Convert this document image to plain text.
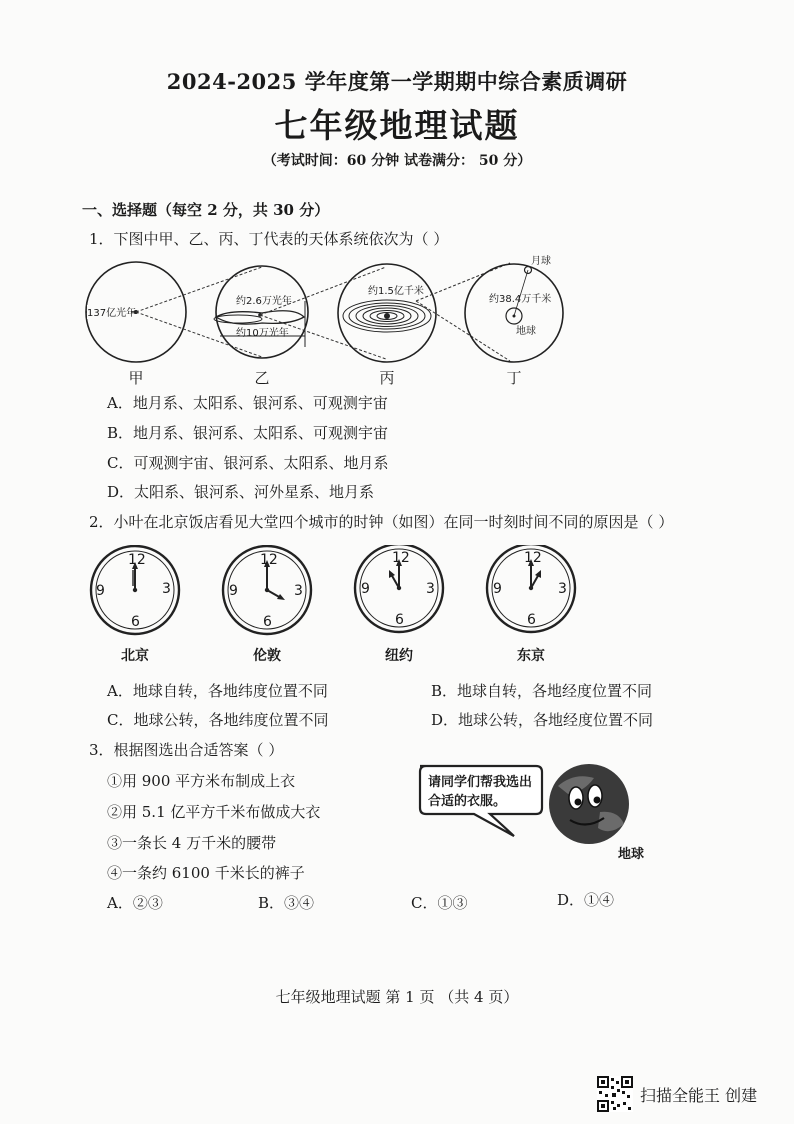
2024-2025 学年度第一学期期中综合素质调研
七年级地理试题
（考试时间：60 分钟 试卷满分： 50 分）
一、选择题（每空 2 分，共 30 分）
1．下图中甲、乙、丙、丁代表的天体系统依次为（ ）
137亿光年
约2.6万光年
约10万光年
约1.5亿千米
月球
约38.4万千米
地球
甲	乙	丙	丁
A．地月系、太阳系、银河系、可观测宇宙
B．地月系、银河系、太阳系、可观测宇宙
C．可观测宇宙、银河系、太阳系、地月系
D．太阳系、银河系、河外星系、地月系
2．小叶在北京饭店看见大堂四个城市的时钟（如图）在同一时刻时间不同的原因是（ ）
12
3
6
9
12
3
6
9
12
3
6
9
12
3
6
9
北京	伦敦	纽约	东京
A．地球自转，各地纬度位置不同	B．地球自转，各地经度位置不同
C．地球公转，各地纬度位置不同	D．地球公转，各地经度位置不同
3．根据图选出合适答案（ ）
①用 900 平方米布制成上衣
②用 5.1 亿平方千米布做成大衣
③一条长 4 万千米的腰带
④一条约 6100 千米长的裤子
请同学们帮我选出
合适的衣服。
地球
A．②③	B．③④	C．①③	D．①④
七年级地理试题 第 1 页 （共 4 页）
扫描全能王 创建
